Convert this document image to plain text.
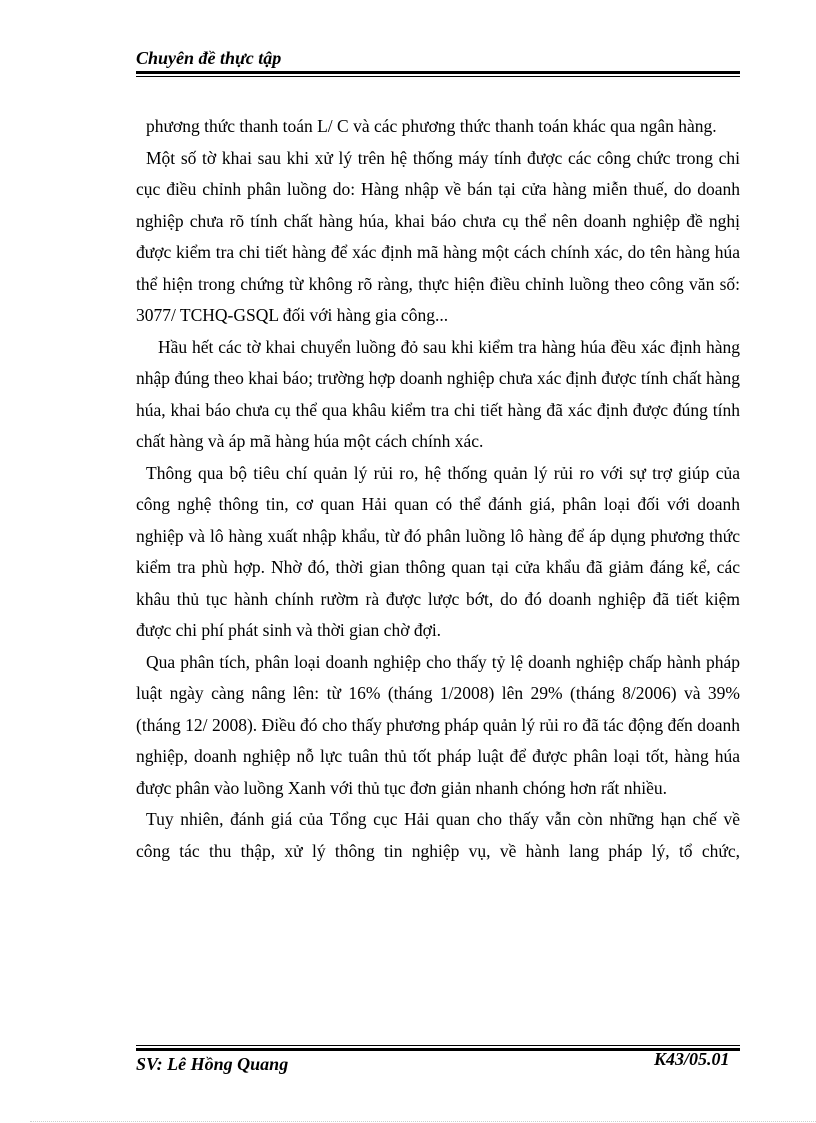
Chuyên đề thực tập

phương thức thanh toán L/ C và các phương thức thanh toán khác qua ngân hàng.

Một số tờ khai sau khi xử lý trên hệ thống máy tính được các công chức trong chi cục điều chỉnh phân luồng do: Hàng nhập về bán tại cửa hàng miễn thuế, do doanh nghiệp chưa rõ tính chất hàng húa, khai báo chưa cụ thể nên doanh nghiệp đề nghị được kiểm tra chi tiết hàng để xác định mã hàng một cách chính xác, do tên hàng húa thể hiện trong chứng từ không rõ ràng, thực hiện điều chỉnh luồng theo công văn số: 3077/ TCHQ-GSQL đối với hàng gia công...

Hầu hết các tờ khai chuyển luồng đỏ sau khi kiểm tra hàng húa đều xác định hàng nhập đúng theo khai báo; trường hợp doanh nghiệp chưa xác định được tính chất hàng húa, khai báo chưa cụ thể qua khâu kiểm tra chi tiết hàng đã xác định được đúng tính chất hàng và áp mã hàng húa một cách chính xác.

Thông qua bộ tiêu chí quản lý rủi ro, hệ thống quản lý rủi ro với sự trợ giúp của công nghệ thông tin, cơ quan Hải quan có thể đánh giá, phân loại đối với doanh nghiệp và lô hàng xuất nhập khẩu, từ đó phân luồng lô hàng để áp dụng phương thức kiểm tra phù hợp. Nhờ đó, thời gian thông quan tại cửa khẩu đã giảm đáng kể, các khâu thủ tục hành chính rườm rà được lược bớt, do đó doanh nghiệp đã tiết kiệm được chi phí phát sinh và thời gian chờ đợi.

Qua phân tích, phân loại doanh nghiệp cho thấy tỷ lệ doanh nghiệp chấp hành pháp luật ngày càng nâng lên: từ 16% (tháng 1/2008) lên 29% (tháng 8/2006) và 39% (tháng 12/ 2008). Điều đó cho thấy phương pháp quản lý rủi ro đã tác động đến doanh nghiệp, doanh nghiệp nỗ lực tuân thủ tốt pháp luật để được phân loại tốt, hàng húa được phân vào luồng Xanh với thủ tục đơn giản nhanh chóng hơn rất nhiều.

Tuy nhiên, đánh giá của Tổng cục Hải quan cho thấy vẫn còn những hạn chế về công tác thu thập, xử lý thông tin nghiệp vụ, về hành lang pháp lý, tổ chức,

SV: Lê Hồng Quang	K43/05.01
